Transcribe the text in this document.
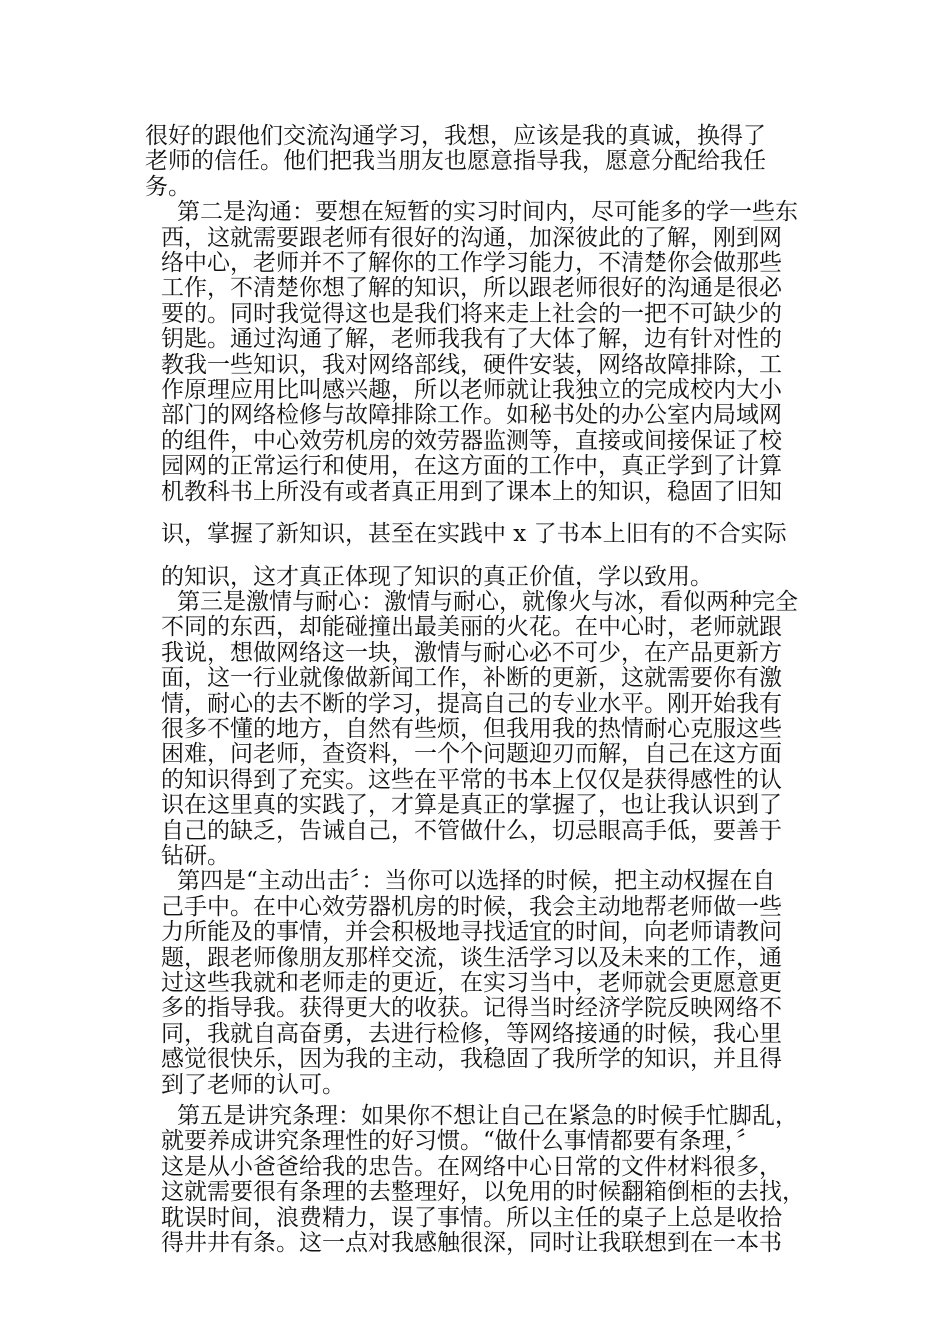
很好的跟他们交流沟通学习，我想，应该是我的真诚，换得了
老师的信任。他们把我当朋友也愿意指导我，愿意分配给我任
务。
第二是沟通：要想在短暂的实习时间内，尽可能多的学一些东
西，这就需要跟老师有很好的沟通，加深彼此的了解，刚到网
络中心，老师并不了解你的工作学习能力，不清楚你会做那些
工作，不清楚你想了解的知识，所以跟老师很好的沟通是很必
要的。同时我觉得这也是我们将来走上社会的一把不可缺少的
钥匙。通过沟通了解，老师我我有了大体了解，边有针对性的
教我一些知识，我对网络部线，硬件安装，网络故障排除，工
作原理应用比叫感兴趣，所以老师就让我独立的完成校内大小
部门的网络检修与故障排除工作。如秘书处的办公室内局域网
的组件，中心效劳机房的效劳器监测等，直接或间接保证了校
园网的正常运行和使用，在这方面的工作中，真正学到了计算
机教科书上所没有或者真正用到了课本上的知识，稳固了旧知
识，掌握了新知识，甚至在实践中 x 了书本上旧有的不合实际
的知识，这才真正体现了知识的真正价值，学以致用。
第三是激情与耐心：激情与耐心，就像火与冰，看似两种完全
不同的东西，却能碰撞出最美丽的火花。在中心时，老师就跟
我说，想做网络这一块，激情与耐心必不可少，在产品更新方
面，这一行业就像做新闻工作，补断的更新，这就需要你有激
情，耐心的去不断的学习，提高自己的专业水平。刚开始我有
很多不懂的地方，自然有些烦，但我用我的热情耐心克服这些
困难，问老师，查资料，一个个问题迎刃而解，自己在这方面
的知识得到了充实。这些在平常的书本上仅仅是获得感性的认
识在这里真的实践了，才算是真正的掌握了，也让我认识到了
自己的缺乏，告诫自己，不管做什么，切忌眼高手低，要善于
钻研。
第四是“主动出击〞：当你可以选择的时候，把主动权握在自
己手中。在中心效劳器机房的时候，我会主动地帮老师做一些
力所能及的事情，并会积极地寻找适宜的时间，向老师请教问
题，跟老师像朋友那样交流，谈生活学习以及未来的工作，通
过这些我就和老师走的更近，在实习当中，老师就会更愿意更
多的指导我。获得更大的收获。记得当时经济学院反映网络不
同，我就自高奋勇，去进行检修，等网络接通的时候，我心里
感觉很快乐，因为我的主动，我稳固了我所学的知识，并且得
到了老师的认可。
第五是讲究条理：如果你不想让自己在紧急的时候手忙脚乱，
就要养成讲究条理性的好习惯。“做什么事情都要有条理，〞
这是从小爸爸给我的忠告。在网络中心日常的文件材料很多，
这就需要很有条理的去整理好，以免用的时候翻箱倒柜的去找，
耽误时间，浪费精力，误了事情。所以主任的桌子上总是收拾
得井井有条。这一点对我感触很深，同时让我联想到在一本书
